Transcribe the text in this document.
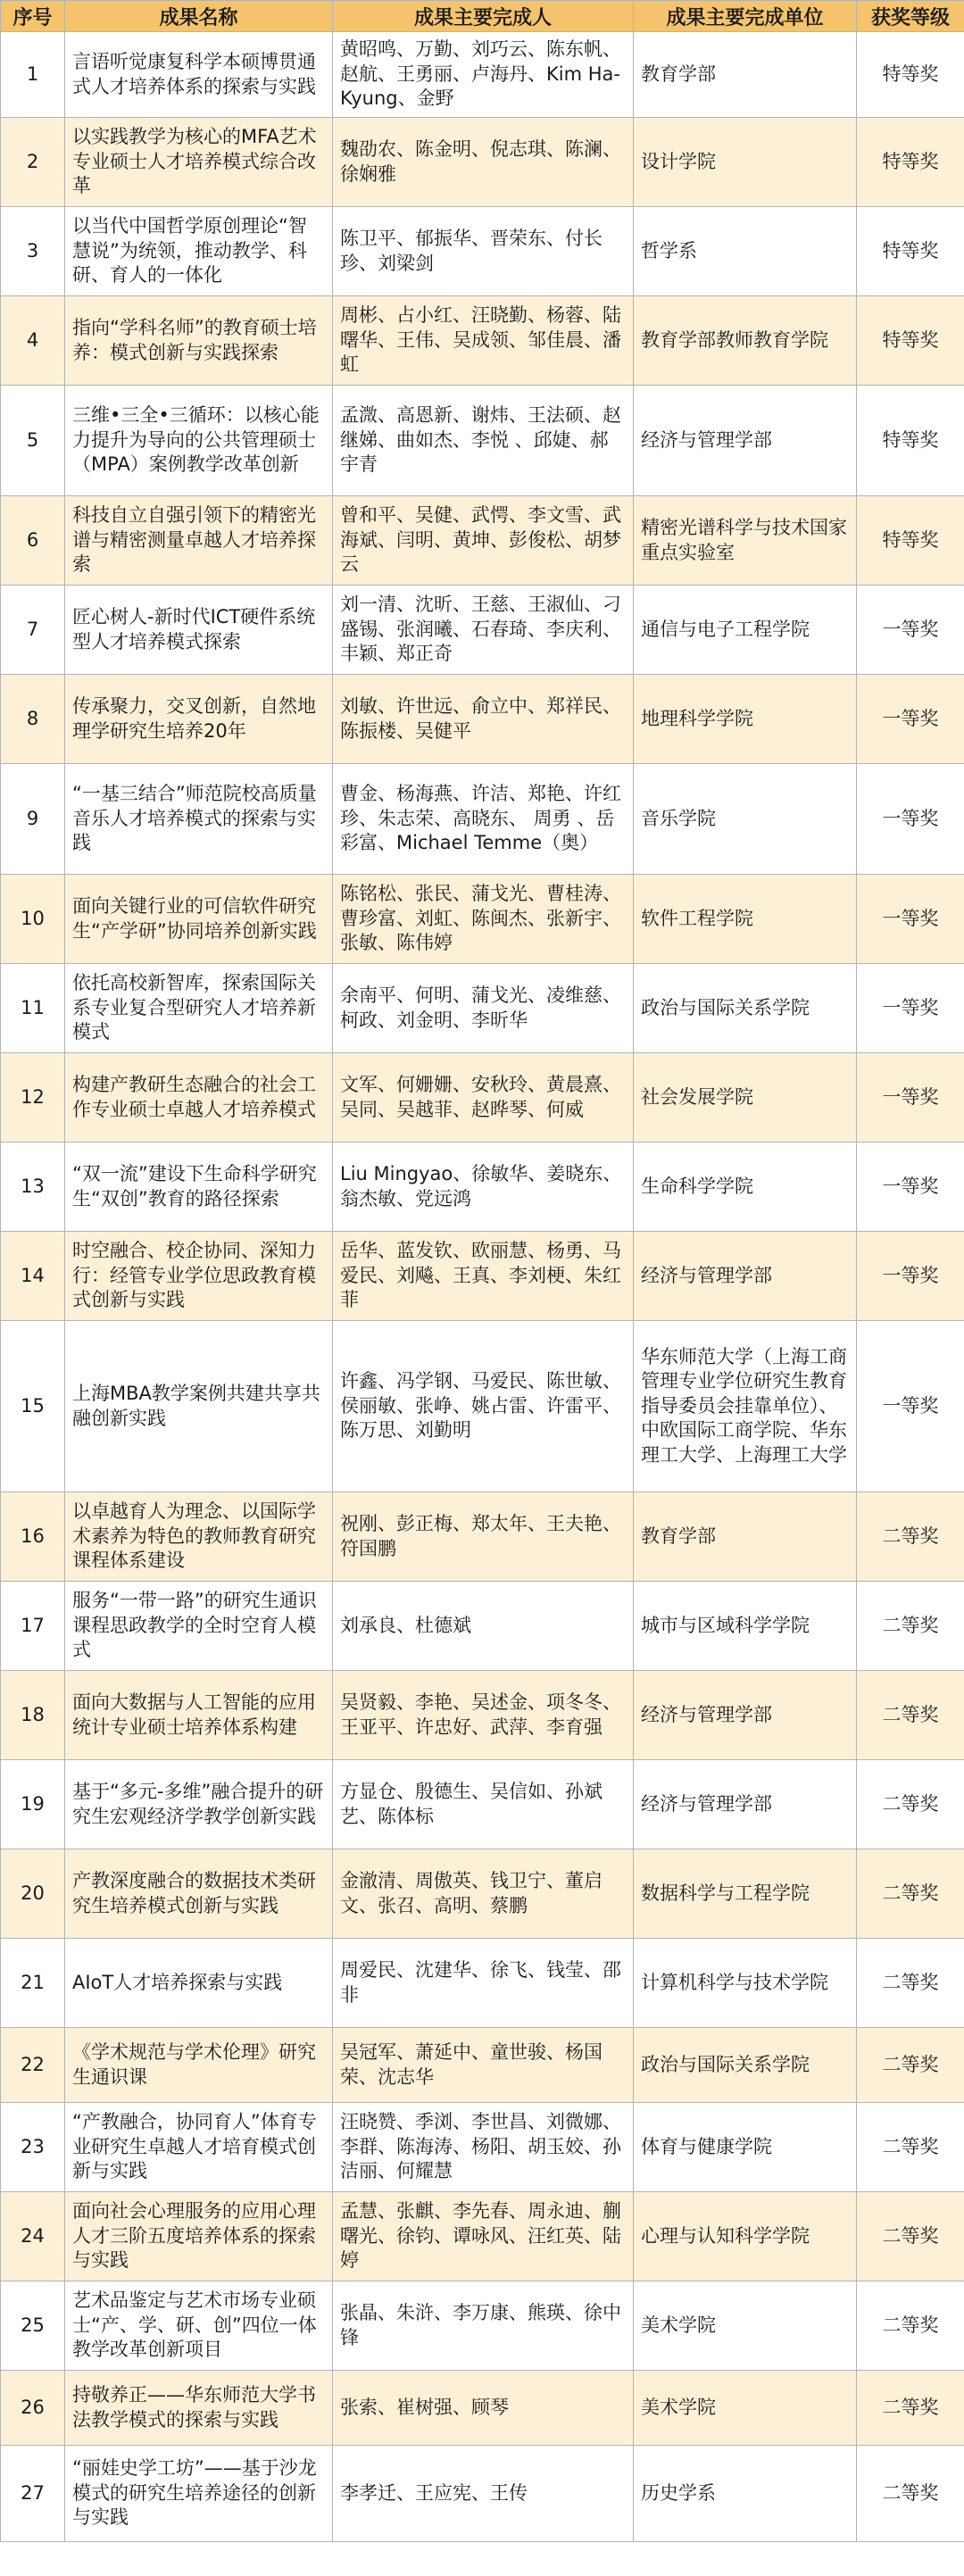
序号	成果名称	成果主要完成人	成果主要完成单位	获奖等级
1	言语听觉康复科学本硕博贯通式人才培养体系的探索与实践	黄昭鸣、万勤、刘巧云、陈东帆、赵航、王勇丽、卢海丹、Kim Ha-Kyung、金野	教育学部	特等奖
2	以实践教学为核心的MFA艺术专业硕士人才培养模式综合改革	魏劭农、陈金明、倪志琪、陈澜、徐娴雅	设计学院	特等奖
3	以当代中国哲学原创理论“智慧说”为统领，推动教学、科研、育人的一体化	陈卫平、郁振华、晋荣东、付长珍、刘梁剑	哲学系	特等奖
4	指向“学科名师”的教育硕士培养：模式创新与实践探索	周彬、占小红、汪晓勤、杨蓉、陆曙华、王伟、吴成领、邹佳晨、潘虹	教育学部教师教育学院	特等奖
5	三维•三全•三循环：以核心能力提升为导向的公共管理硕士（MPA）案例教学改革创新	孟溦、高恩新、谢炜、王法硕、赵继娣、曲如杰、李悦 、邱婕、郝宇青	经济与管理学部	特等奖
6	科技自立自强引领下的精密光谱与精密测量卓越人才培养探索	曾和平、吴健、武愕、李文雪、武海斌、闫明、黄坤、彭俊松、胡梦云	精密光谱科学与技术国家重点实验室	特等奖
7	匠心树人-新时代ICT硬件系统型人才培养模式探索	刘一清、沈昕、王慈、王淑仙、刁盛锡、张润曦、石春琦、李庆利、丰颖、郑正奇	通信与电子工程学院	一等奖
8	传承聚力，交叉创新，自然地理学研究生培养20年	刘敏、许世远、俞立中、郑祥民、陈振楼、吴健平	地理科学学院	一等奖
9	“一基三结合”师范院校高质量音乐人才培养模式的探索与实践	曹金、杨海燕、许洁、郑艳、许红珍、朱志荣、高晓东、 周勇 、岳彩富、Michael Temme（奥）	音乐学院	一等奖
10	面向关键行业的可信软件研究生“产学研”协同培养创新实践	陈铭松、张民、蒲戈光、曹桂涛、曹珍富、刘虹、陈闽杰、张新宇、张敏、陈伟婷	软件工程学院	一等奖
11	依托高校新智库，探索国际关系专业复合型研究人才培养新模式	余南平、何明、蒲戈光、凌维慈、柯政、刘金明、李昕华	政治与国际关系学院	一等奖
12	构建产教研生态融合的社会工作专业硕士卓越人才培养模式	文军、何姗姗、安秋玲、黄晨熹、吴同、吴越菲、赵晔琴、何威	社会发展学院	一等奖
13	“双一流”建设下生命科学研究生“双创”教育的路径探索	Liu Mingyao、徐敏华、姜晓东、翁杰敏、党远鸿	生命科学学院	一等奖
14	时空融合、校企协同、深知力行：经管专业学位思政教育模式创新与实践	岳华、蓝发钦、欧丽慧、杨勇、马爱民、刘飚、王真、李刘梗、朱红菲	经济与管理学部	一等奖
15	上海MBA教学案例共建共享共融创新实践	许鑫、冯学钢、马爱民、陈世敏、侯丽敏、张峥、姚占雷、许雷平、陈万思、刘勤明	华东师范大学（上海工商管理专业学位研究生教育指导委员会挂靠单位）、中欧国际工商学院、华东理工大学、上海理工大学	一等奖
16	以卓越育人为理念、以国际学术素养为特色的教师教育研究课程体系建设	祝刚、彭正梅、郑太年、王夫艳、符国鹏	教育学部	二等奖
17	服务“一带一路”的研究生通识课程思政教学的全时空育人模式	刘承良、杜德斌	城市与区域科学学院	二等奖
18	面向大数据与人工智能的应用统计专业硕士培养体系构建	吴贤毅、李艳、吴述金、项冬冬、王亚平、许忠好、武萍、李育强	经济与管理学部	二等奖
19	基于“多元-多维”融合提升的研究生宏观经济学教学创新实践	方显仓、殷德生、吴信如、孙斌艺、陈体标	经济与管理学部	二等奖
20	产教深度融合的数据技术类研究生培养模式创新与实践	金澈清、周傲英、钱卫宁、董启文、张召、高明、蔡鹏	数据科学与工程学院	二等奖
21	AIoT人才培养探索与实践	周爱民、沈建华、徐飞、钱莹、邵非	计算机科学与技术学院	二等奖
22	《学术规范与学术伦理》研究生通识课	吴冠军、萧延中、童世骏、杨国荣、沈志华	政治与国际关系学院	二等奖
23	“产教融合，协同育人”体育专业研究生卓越人才培育模式创新与实践	汪晓赞、季浏、李世昌、刘微娜、李群、陈海涛、杨阳、胡玉姣、孙洁丽、何耀慧	体育与健康学院	二等奖
24	面向社会心理服务的应用心理人才三阶五度培养体系的探索与实践	孟慧、张麒、李先春、周永迪、蒯曙光、徐钧、谭咏风、汪红英、陆婷	心理与认知科学学院	二等奖
25	艺术品鉴定与艺术市场专业硕士“产、学、研、创”四位一体教学改革创新项目	张晶、朱浒、李万康、熊瑛、徐中锋	美术学院	二等奖
26	持敬养正——华东师范大学书法教学模式的探索与实践	张索、崔树强、顾琴	美术学院	二等奖
27	“丽娃史学工坊”——基于沙龙模式的研究生培养途径的创新与实践	李孝迁、王应宪、王传	历史学系	二等奖
